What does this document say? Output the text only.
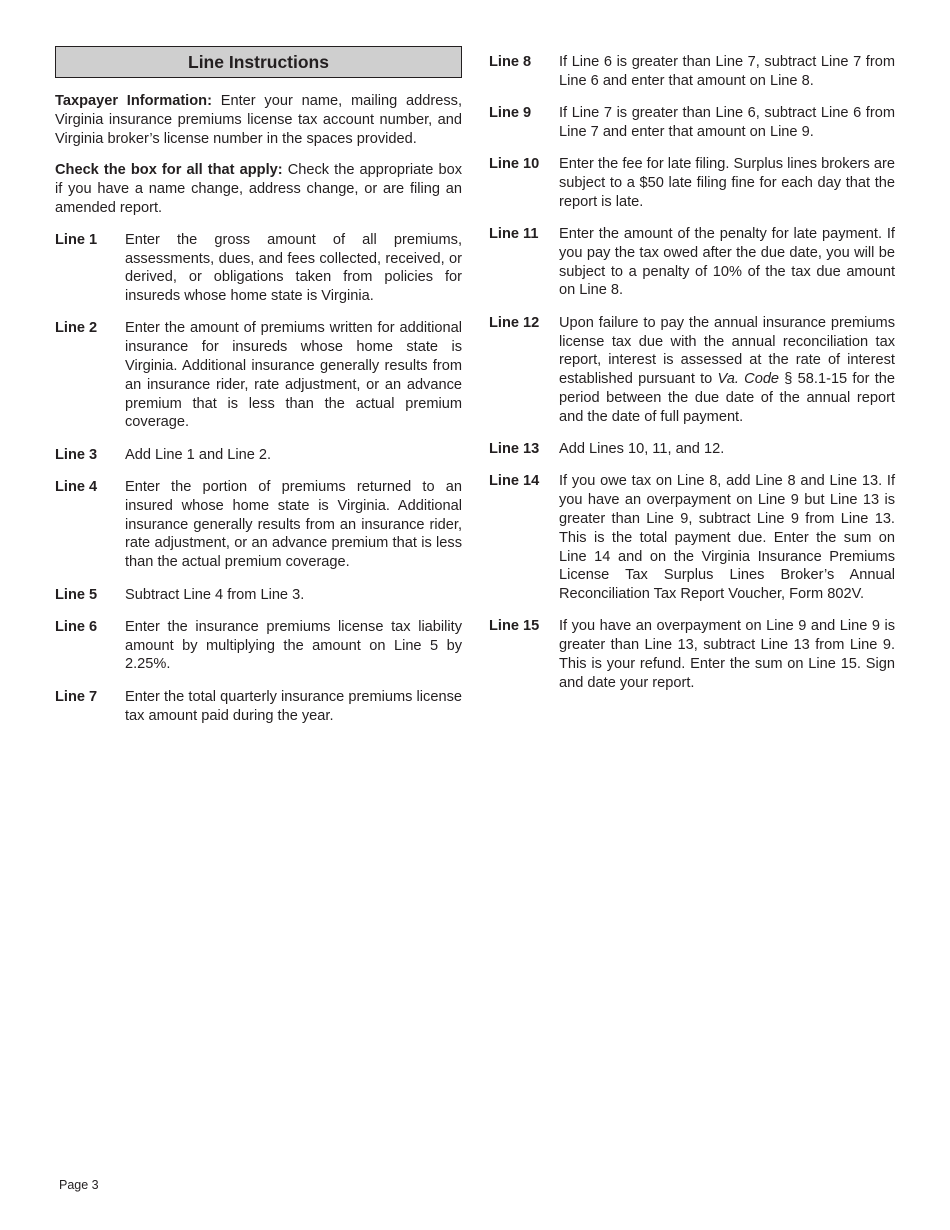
Line Instructions

Taxpayer Information: Enter your name, mailing address, Virginia insurance premiums license tax account number, and Virginia broker’s license number in the spaces provided.

Check the box for all that apply: Check the appropriate box if you have a name change, address change, or are filing an amended report.

Line 1	Enter the gross amount of all premiums, assessments, dues, and fees collected, received, or derived, or obligations taken from policies for insureds whose home state is Virginia.
Line 2	Enter the amount of premiums written for additional insurance for insureds whose home state is Virginia. Additional insurance generally results from an insurance rider, rate adjustment, or an advance premium that is less than the actual premium coverage.
Line 3	Add Line 1 and Line 2.
Line 4	Enter the portion of premiums returned to an insured whose home state is Virginia. Additional insurance generally results from an insurance rider, rate adjustment, or an advance premium that is less than the actual premium coverage.
Line 5	Subtract Line 4 from Line 3.
Line 6	Enter the insurance premiums license tax liability amount by multiplying the amount on Line 5 by 2.25%.
Line 7	Enter the total quarterly insurance premiums license tax amount paid during the year.
Line 8	If Line 6 is greater than Line 7, subtract Line 7 from Line 6 and enter that amount on Line 8.
Line 9	If Line 7 is greater than Line 6, subtract Line 6 from Line 7 and enter that amount on Line 9.
Line 10	Enter the fee for late filing. Surplus lines brokers are subject to a $50 late filing fine for each day that the report is late.
Line 11	Enter the amount of the penalty for late payment. If you pay the tax owed after the due date, you will be subject to a penalty of 10% of the tax due amount on Line 8.
Line 12	Upon failure to pay the annual insurance premiums license tax due with the annual reconciliation tax report, interest is assessed at the rate of interest established pursuant to Va. Code § 58.1-15 for the period between the due date of the annual report and the date of full payment.
Line 13	Add Lines 10, 11, and 12.
Line 14	If you owe tax on Line 8, add Line 8 and Line 13. If you have an overpayment on Line 9 but Line 13 is greater than Line 9, subtract Line 9 from Line 13. This is the total payment due. Enter the sum on Line 14 and on the Virginia Insurance Premiums License Tax Surplus Lines Broker’s Annual Reconciliation Tax Report Voucher, Form 802V.
Line 15	If you have an overpayment on Line 9 and Line 9 is greater than Line 13, subtract Line 13 from Line 9. This is your refund. Enter the sum on Line 15. Sign and date your report.
Page 3
